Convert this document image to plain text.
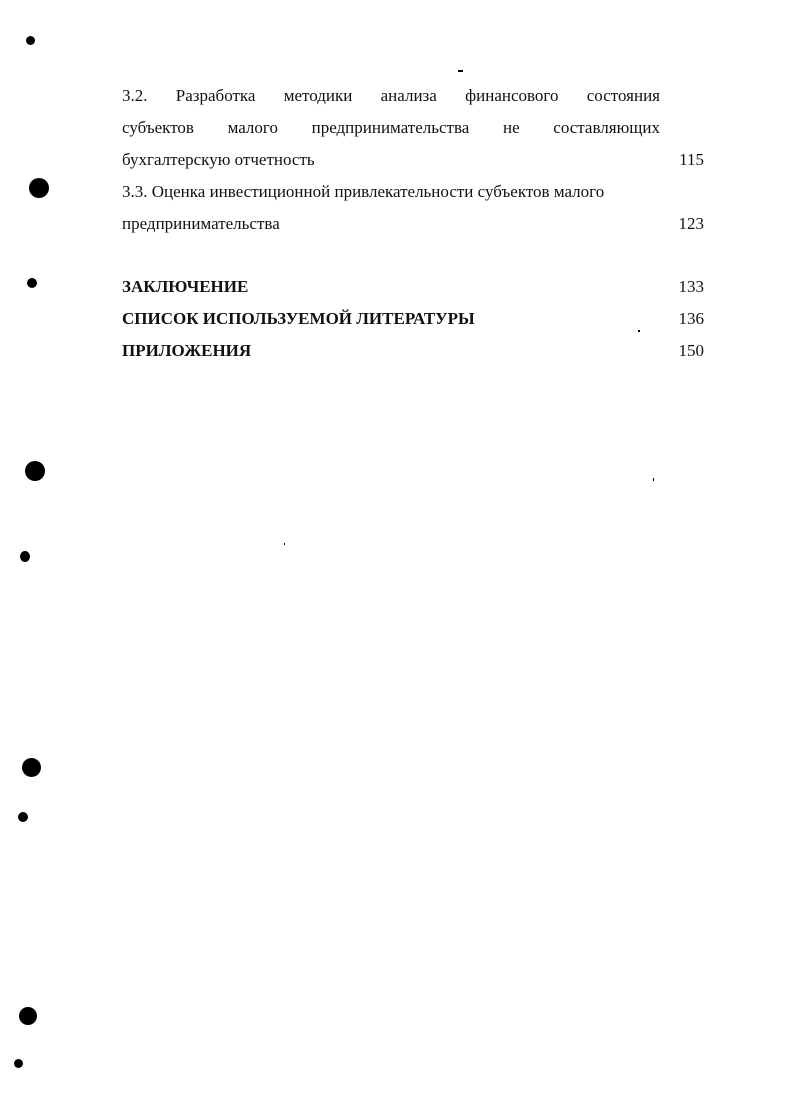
3.2. Разработка методики анализа финансового состояния
субъектов малого предпринимательства не составляющих
бухгалтерскую отчетность	115
3.3. Оценка инвестиционной привлекательности субъектов малого
предпринимательства	123
ЗАКЛЮЧЕНИЕ	133
СПИСОК ИСПОЛЬЗУЕМОЙ ЛИТЕРАТУРЫ	136
ПРИЛОЖЕНИЯ	150
